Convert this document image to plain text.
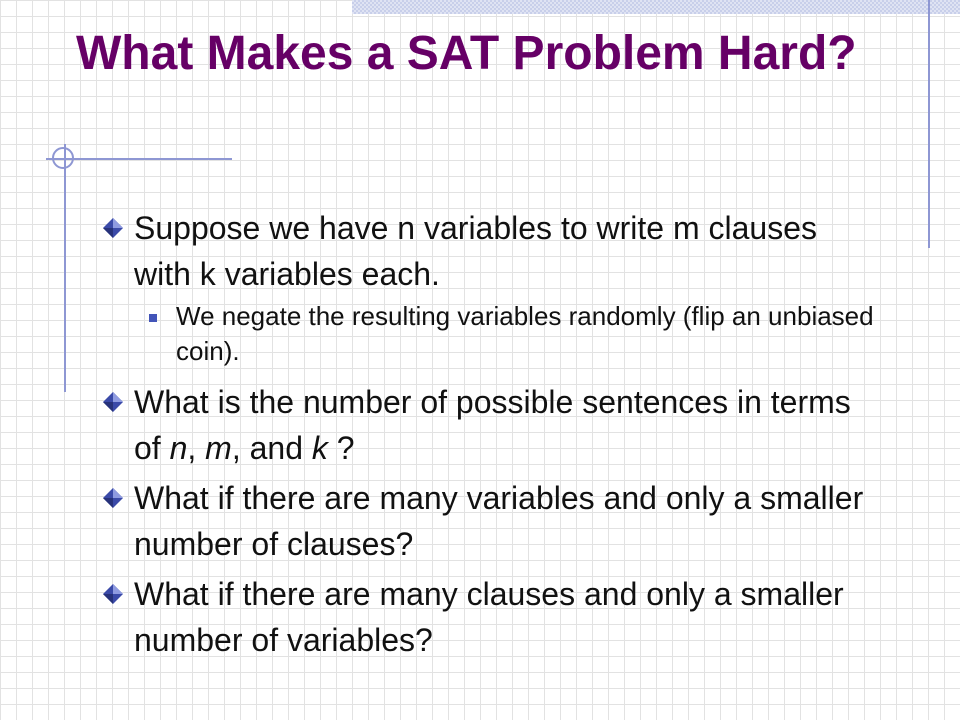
What Makes a SAT Problem Hard?
Suppose we have n variables to write m clauses with k variables each.
We negate the resulting variables randomly (flip an unbiased coin).
What is the number of possible sentences in terms of n, m, and k ?
What if there are many variables and only a smaller number of clauses?
What if there are many clauses and only a smaller number of variables?
